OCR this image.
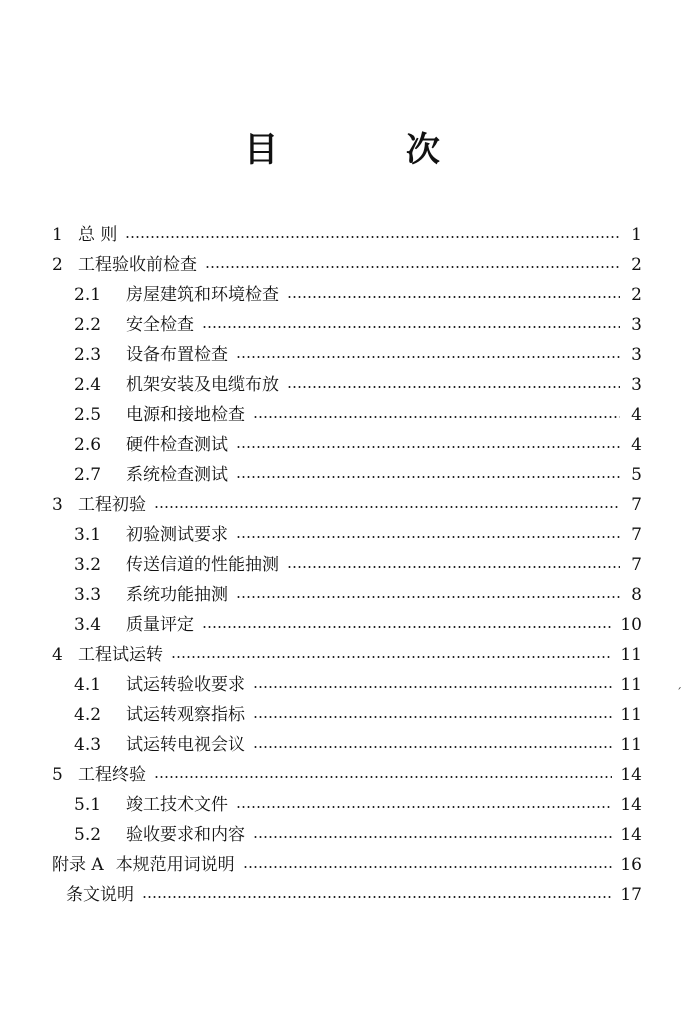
目 次
1 总 则	1
2 工程验收前检查	2
2.1	房屋建筑和环境检查	2
2.2	安全检查	3
2.3	设备布置检查	3
2.4	机架安装及电缆布放	3
2.5	电源和接地检查	4
2.6	硬件检查测试	4
2.7	系统检查测试	5
3 工程初验	7
3.1	初验测试要求	7
3.2	传送信道的性能抽测	7
3.3	系统功能抽测	8
3.4	质量评定	10
4 工程试运转	11
4.1	试运转验收要求	11
4.2	试运转观察指标	11
4.3	试运转电视会议	11
5 工程终验	14
5.1	竣工技术文件	14
5.2	验收要求和内容	14
附录 A 本规范用词说明	16
条文说明	17
ˊ
